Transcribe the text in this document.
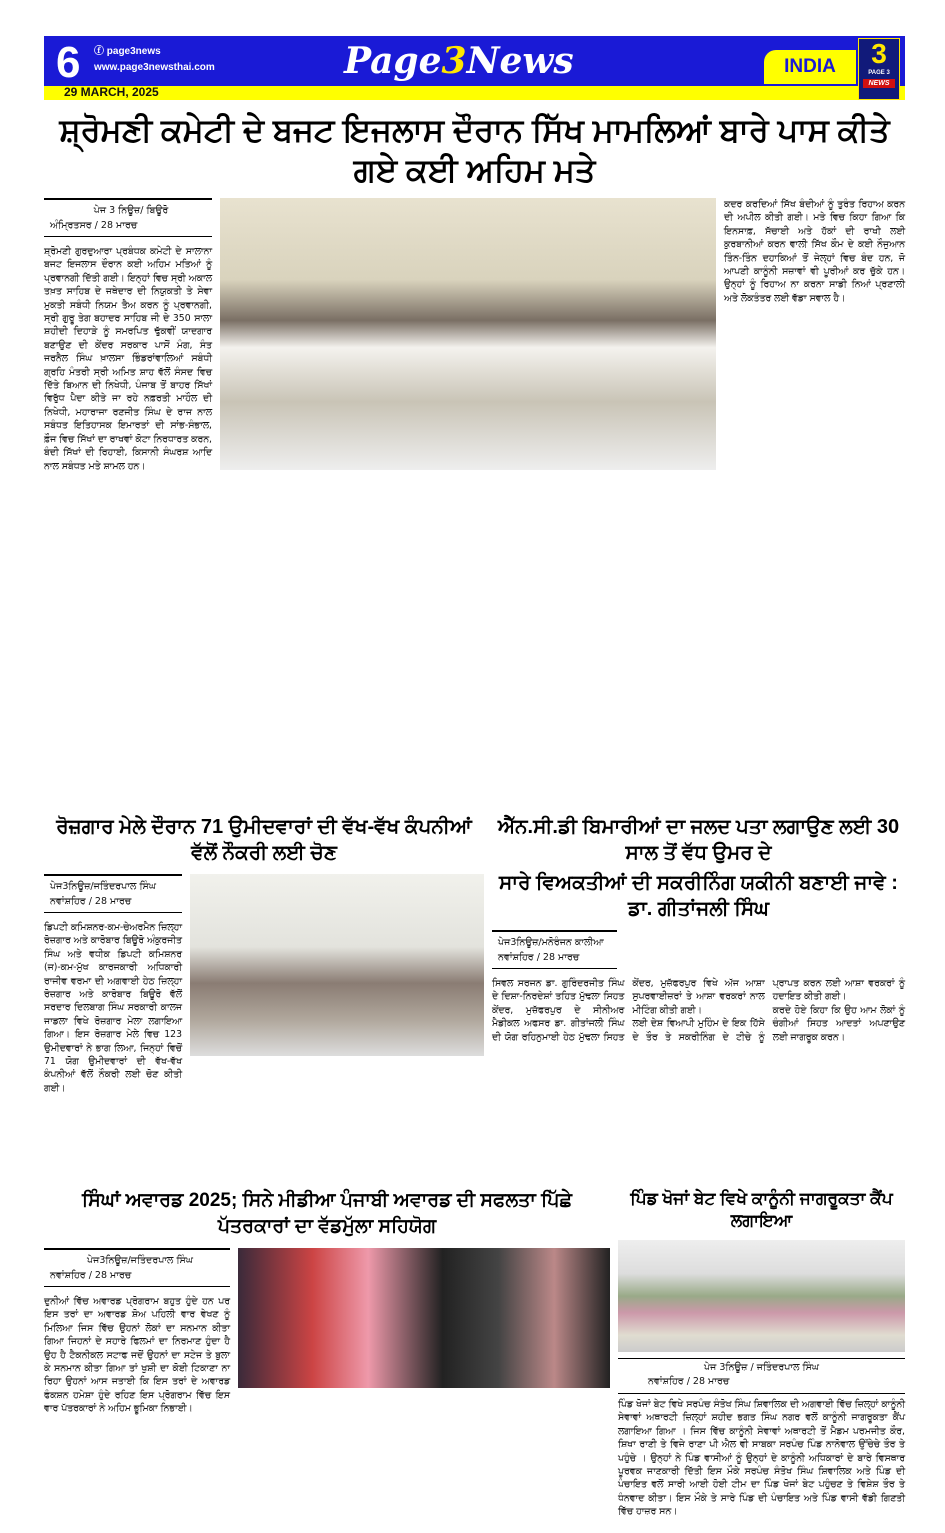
6 ⓕ page3news
www.page3newsthai.com	Page3News	INDIA	3
PAGE 3
NEWS
29 MARCH, 2025
ਸ਼੍ਰੋਮਣੀ ਕਮੇਟੀ ਦੇ ਬਜਟ ਇਜਲਾਸ ਦੌਰਾਨ ਸਿੱਖ ਮਾਮਲਿਆਂ ਬਾਰੇ ਪਾਸ ਕੀਤੇ ਗਏ ਕਈ ਅਹਿਮ ਮਤੇ
ਪੇਜ 3 ਨਿਊਜ਼/ ਬਿਊਰੋ
ਅੰਮ੍ਰਿਤਸਰ / 28 ਮਾਰਚ

ਸ਼੍ਰੋਮਣੀ ਗੁਰਦੁਆਰਾ ਪ੍ਰਬੰਧਕ ਕਮੇਟੀ ਦੇ ਸਾਲਾਨਾ ਬਜਟ ਇਜਲਾਸ ਦੌਰਾਨ ਕਈ ਅਹਿਮ ਮਤਿਆਂ ਨੂੰ ਪ੍ਰਵਾਨਗੀ ਦਿੱਤੀ ਗਈ। ਇਨ੍ਹਾਂ ਵਿਚ ਸ੍ਰੀ ਅਕਾਲ ਤਖ਼ਤ ਸਾਹਿਬ ਦੇ ਜਥੇਦਾਰ ਦੀ ਨਿਯੁਕਤੀ ਤੇ ਸੇਵਾ ਮੁਕਤੀ ਸਬੰਧੀ ਨਿਯਮ ਤੈਅ ਕਰਨ ਨੂੰ ਪ੍ਰਵਾਨਗੀ, ਸ੍ਰੀ ਗੁਰੂ ਤੇਗ ਬਹਾਦਰ ਸਾਹਿਬ ਜੀ ਦੇ 350 ਸਾਲਾ ਸ਼ਹੀਦੀ ਦਿਹਾੜੇ ਨੂੰ ਸਮਰਪਿਤ ਢੁੱਕਵੀਂ ਯਾਦਗਾਰ ਬਣਾਉਣ ਦੀ ਕੇਂਦਰ ਸਰਕਾਰ ਪਾਸੋਂ ਮੰਗ, ਸੰਤ ਜਰਨੈਲ ਸਿੰਘ ਖ਼ਾਲਸਾ ਭਿੰਡਰਾਂਵਾਲਿਆਂ ਸਬੰਧੀ ਗ੍ਰਹਿ ਮੰਤਰੀ ਸ੍ਰੀ ਅਮਿਤ ਸ਼ਾਹ ਵੱਲੋਂ ਸੰਸਦ ਵਿਚ ਦਿੱਤੇ ਬਿਆਨ ਦੀ ਨਿਖੇਧੀ, ਪੰਜਾਬ ਤੋਂ ਬਾਹਰ ਸਿੱਖਾਂ ਵਿਰੁੱਧ ਪੈਦਾ ਕੀਤੇ ਜਾ ਰਹੇ ਨਫ਼ਰਤੀ ਮਾਹੌਲ ਦੀ ਨਿਖੇਧੀ, ਮਹਾਰਾਜਾ ਰਣਜੀਤ ਸਿੰਘ ਦੇ ਰਾਜ ਨਾਲ ਸਬੰਧਤ ਇਤਿਹਾਸਕ ਇਮਾਰਤਾਂ ਦੀ ਸਾਂਭ-ਸੰਭਾਲ, ਫ਼ੌਜ ਵਿਚ ਸਿੱਖਾਂ ਦਾ ਰਾਖਵਾਂ ਕੋਟਾ ਨਿਰਧਾਰਤ ਕਰਨ, ਬੰਦੀ ਸਿੱਖਾਂ ਦੀ ਰਿਹਾਈ, ਕਿਸਾਨੀ ਸੰਘਰਸ਼ ਆਦਿ ਨਾਲ ਸਬੰਧਤ ਮਤੇ ਸ਼ਾਮਲ ਹਨ।

ਕਦਰ ਕਰਦਿਆਂ ਸਿੱਖ ਬੰਦੀਆਂ ਨੂੰ ਤੁਰੰਤ ਰਿਹਾਅ ਕਰਨ ਦੀ ਅਪੀਲ ਕੀਤੀ ਗਈ। ਮਤੇ ਵਿਚ ਕਿਹਾ ਗਿਆ ਕਿ ਇਨਸਾਫ਼, ਸੱਚਾਈ ਅਤੇ ਹੱਕਾਂ ਦੀ ਰਾਖੀ ਲਈ ਕੁਰਬਾਨੀਆਂ ਕਰਨ ਵਾਲੀ ਸਿੱਖ ਕੌਮ ਦੇ ਕਈ ਨੌਜੁਆਨ ਤਿੰਨ-ਤਿੰਨ ਦਹਾਕਿਆਂ ਤੋਂ ਜੇਲ੍ਹਾਂ ਵਿਚ ਬੰਦ ਹਨ, ਜੋ ਆਪਣੀ ਕਾਨੂੰਨੀ ਸਜ਼ਾਵਾਂ ਵੀ ਪੂਰੀਆਂ ਕਰ ਚੁੱਕੇ ਹਨ। ਉਨ੍ਹਾਂ ਨੂੰ ਰਿਹਾਅ ਨਾ ਕਰਨਾ ਸਾਡੀ ਨਿਆਂ ਪ੍ਰਣਾਲੀ ਅਤੇ ਲੋਕਤੰਤਰ ਲਈ ਵੱਡਾ ਸਵਾਲ ਹੈ।

ਰੋਜ਼ਗਾਰ ਮੇਲੇ ਦੌਰਾਨ 71 ਉਮੀਦਵਾਰਾਂ ਦੀ ਵੱਖ-ਵੱਖ ਕੰਪਨੀਆਂ ਵੱਲੋਂ ਨੌਕਰੀ ਲਈ ਚੋਣ
ਪੇਜ3ਨਿਊਜ਼/ਜਤਿੰਦਰਪਾਲ ਸਿੰਘ
ਨਵਾਂਸ਼ਹਿਰ / 28 ਮਾਰਚ

ਡਿਪਟੀ ਕਮਿਸ਼ਨਰ-ਕਮ-ਚੇਅਰਮੈਨ ਜ਼ਿਲ੍ਹਾ ਰੋਜ਼ਗਾਰ ਅਤੇ ਕਾਰੋਬਾਰ ਬਿਊਰੋ ਅੰਕੁਰਜੀਤ ਸਿੰਘ ਅਤੇ ਵਧੀਕ ਡਿਪਟੀ ਕਮਿਸ਼ਨਰ (ਜ)-ਕਮ-ਮੁੱਖ ਕਾਰਜਕਾਰੀ ਅਧਿਕਾਰੀ ਰਾਜੀਵ ਵਰਮਾ ਦੀ ਅਗਵਾਈ ਹੇਠ ਜ਼ਿਲ੍ਹਾ ਰੋਜ਼ਗਾਰ ਅਤੇ ਕਾਰੋਬਾਰ ਬਿਊਰੋ ਵੱਲੋਂ ਸਰਦਾਰ ਦਿਲਬਾਗ ਸਿੰਘ ਸਰਕਾਰੀ ਕਾਲਜ ਜਾਡਲਾ ਵਿਖੇ ਰੋਜ਼ਗਾਰ ਮੇਲਾ ਲਗਾਇਆ ਗਿਆ। ਇਸ ਰੋਜ਼ਗਾਰ ਮੇਲੇ ਵਿਚ 123 ਉਮੀਦਵਾਰਾਂ ਨੇ ਭਾਗ ਲਿਆ, ਜਿਨ੍ਹਾਂ ਵਿਚੋਂ 71 ਯੋਗ ਉਮੀਦਵਾਰਾਂ ਦੀ ਵੱਖ-ਵੱਖ ਕੰਪਨੀਆਂ ਵੱਲੋਂ ਨੌਕਰੀ ਲਈ ਚੋਣ ਕੀਤੀ ਗਈ।

ਐੱਨ.ਸੀ.ਡੀ ਬਿਮਾਰੀਆਂ ਦਾ ਜਲਦ ਪਤਾ ਲਗਾਉਣ ਲਈ 30 ਸਾਲ ਤੋਂ ਵੱਧ ਉਮਰ ਦੇ
ਸਾਰੇ ਵਿਅਕਤੀਆਂ ਦੀ ਸਕਰੀਨਿੰਗ ਯਕੀਨੀ ਬਣਾਈ ਜਾਵੇ : ਡਾ. ਗੀਤਾਂਜਲੀ ਸਿੰਘ
ਪੇਜ3ਨਿਊਜ਼/ਮਨੋਰੰਜਨ ਕਾਲੀਆ
ਨਵਾਂਸ਼ਹਿਰ / 28 ਮਾਰਚ

ਸਿਵਲ ਸਰਜਨ ਡਾ. ਗੁਰਿੰਦਰਜੀਤ ਸਿੰਘ ਦੇ ਦਿਸ਼ਾ-ਨਿਰਦੇਸ਼ਾਂ ਤਹਿਤ ਮੁੱਢਲਾ ਸਿਹਤ ਕੇਂਦਰ, ਮੁਜ਼ੱਫਰਪੁਰ ਦੇ ਸੀਨੀਅਰ ਮੈਡੀਕਲ ਅਫਸਰ ਡਾ. ਗੀਤਾਂਜਲੀ ਸਿੰਘ ਦੀ ਯੋਗ ਰਹਿਨੁਮਾਈ ਹੇਠ ਮੁੱਢਲਾ ਸਿਹਤ ਕੇਂਦਰ, ਮੁਜ਼ੱਫਰਪੁਰ ਵਿਖੇ ਅੱਜ ਆਸ਼ਾ ਸੁਪਰਵਾਈਜ਼ਰਾਂ ਤੇ ਆਸ਼ਾ ਵਰਕਰਾਂ ਨਾਲ ਮੀਟਿੰਗ ਕੀਤੀ ਗਈ।

ਲਈ ਦੇਸ਼ ਵਿਆਪੀ ਮੁਹਿੰਮ ਦੇ ਇਕ ਹਿੱਸੇ ਦੇ ਤੌਰ ਤੇ ਸਕਰੀਨਿੰਗ ਦੇ ਟੀਚੇ ਨੂੰ ਪ੍ਰਾਪਤ ਕਰਨ ਲਈ ਆਸ਼ਾ ਵਰਕਰਾਂ ਨੂੰ ਹਦਾਇਤ ਕੀਤੀ ਗਈ।

ਕਰਦੇ ਹੋਏ ਕਿਹਾ ਕਿ ਉਹ ਆਮ ਲੋਕਾਂ ਨੂੰ ਚੰਗੀਆਂ ਸਿਹਤ ਆਦਤਾਂ ਅਪਣਾਉਣ ਲਈ ਜਾਗਰੂਕ ਕਰਨ।

ਸਿੰਘਾਂ ਅਵਾਰਡ 2025; ਸਿਨੇ ਮੀਡੀਆ ਪੰਜਾਬੀ ਅਵਾਰਡ ਦੀ ਸਫਲਤਾ ਪਿੱਛੇ ਪੱਤਰਕਾਰਾਂ ਦਾ ਵੱਡਮੁੱਲਾ ਸਹਿਯੋਗ
ਪੇਜ3ਨਿਊਜ਼/ਜਤਿੰਦਰਪਾਲ ਸਿੰਘ
ਨਵਾਂਸ਼ਹਿਰ / 28 ਮਾਰਚ

ਦੁਨੀਆਂ ਵਿੱਚ ਅਵਾਰਡ ਪ੍ਰੋਗਰਾਮ ਬਹੁਤ ਹੁੰਦੇ ਹਨ ਪਰ ਇਸ ਤਰਾਂ ਦਾ ਅਵਾਰਡ ਸ਼ੋਅ ਪਹਿਲੀ ਵਾਰ ਵੇਖਣ ਨੂੰ ਮਿਲਿਆ ਜਿਸ ਵਿੱਚ ਉਹਨਾਂ ਲੋਕਾਂ ਦਾ ਸਨਮਾਨ ਕੀਤਾ ਗਿਆ ਜਿਹਨਾਂ ਦੇ ਸਹਾਰੇ ਫਿਲਮਾਂ ਦਾ ਨਿਰਮਾਣ ਹੁੰਦਾ ਹੈ ਉਹ ਹੈ ਟੈਕਨੀਕਲ ਸਟਾਫ ਜਦੋਂ ਉਹਨਾਂ ਦਾ ਸਟੇਜ ਤੇ ਬੁਲਾ ਕੇ ਸਨਮਾਨ ਕੀਤਾ ਗਿਆ ਤਾਂ ਖੁਸ਼ੀ ਦਾ ਕੋਈ ਟਿਕਾਣਾ ਨਾ ਰਿਹਾ ਉਹਨਾਂ ਆਸ ਜਤਾਈ ਕਿ ਇਸ ਤਰਾਂ ਦੇ ਅਵਾਰਡ ਫੰਕਸ਼ਨ ਹਮੇਸ਼ਾ ਹੁੰਦੇ ਰਹਿਣ ਇਸ ਪ੍ਰੋਗਰਾਮ ਵਿੱਚ ਇਸ ਵਾਰ ਪੱਤਰਕਾਰਾਂ ਨੇ ਅਹਿਮ ਭੂਮਿਕਾ ਨਿਭਾਈ।

ਪਿੰਡ ਖੋਜਾਂ ਬੇਟ ਵਿਖੇ ਕਾਨੂੰਨੀ ਜਾਗਰੂਕਤਾ ਕੈਂਪ ਲਗਾਇਆ
ਪੇਜ 3ਨਿਊਜ਼ / ਜਤਿੰਦਰਪਾਲ ਸਿੰਘ
ਨਵਾਂਸ਼ਹਿਰ / 28 ਮਾਰਚ

ਪਿੰਡ ਖੋਜਾਂ ਬੇਟ ਵਿਖੇ ਸਰਪੰਚ ਸੰਤੋਖ ਸਿੰਘ ਸ਼ਿਵਾਲਿਕ ਦੀ ਅਗਵਾਈ ਵਿੱਚ ਜ਼ਿਲ੍ਹਾਂ ਕਾਨੂੰਨੀ ਸੇਵਾਵਾਂ ਅਥਾਰਟੀ ਜ਼ਿਲ੍ਹਾਂ ਸ਼ਹੀਦ ਭਗਤ ਸਿੰਘ ਨਗਰ ਵਲੋਂ ਕਾਨੂੰਨੀ ਜਾਗਰੂਕਤਾ ਕੈਂਪ ਲਗਾਇਆ ਗਿਆ । ਜਿਸ ਵਿੱਚ ਕਾਨੂੰਨੀ ਸੇਵਾਵਾਂ ਅਥਾਰਟੀ ਤੋਂ ਮੈਡਮ ਪਰਮਜੀਤ ਕੌਰ, ਸ਼ਿਖਾ ਰਾਣੀ ਤੇ ਵਿਜੇ ਰਾਣਾ ਪੀ ਐਲ ਵੀ ਸਾਬਕਾ ਸਰਪੰਚ ਪਿੰਡ ਨਾਨੋਵਾਲ ਉੱਚੇਚੇ ਤੌਰ ਤੇ ਪਹੁੰਚੇ । ਉਨ੍ਹਾਂ ਨੇ ਪਿੰਡ ਵਾਸੀਆਂ ਨੂੰ ਉਨ੍ਹਾਂ ਦੇ ਕਾਨੂੰਨੀ ਅਧਿਕਾਰਾਂ ਦੇ ਬਾਰੇ ਵਿਸਥਾਰ ਪੂਰਵਕ ਜਾਣਕਾਰੀ ਦਿੱਤੀ ਇਸ ਮੌਕੇ ਸਰਪੰਚ ਸੰਤੋਖ ਸਿੰਘ ਸ਼ਿਵਾਲਿਕ ਅਤੇ ਪਿੰਡ ਦੀ ਪੰਚਾਇਤ ਵਲੋਂ ਸਾਰੀ ਆਈ ਹੋਈ ਟੀਮ ਦਾ ਪਿੰਡ ਖੋਜਾਂ ਬੇਟ ਪਹੁੰਚਣ ਤੇ ਵਿਸ਼ੇਸ਼ ਤੌਰ ਤੇ ਧੰਨਵਾਦ ਕੀਤਾ। ਇਸ ਮੌਕੇ ਤੇ ਸਾਰੇ ਪਿੰਡ ਦੀ ਪੰਚਾਇਤ ਅਤੇ ਪਿੰਡ ਵਾਸੀ ਵੱਡੀ ਗਿਣਤੀ ਵਿੱਚ ਹਾਜ਼ਰ ਸਨ।
